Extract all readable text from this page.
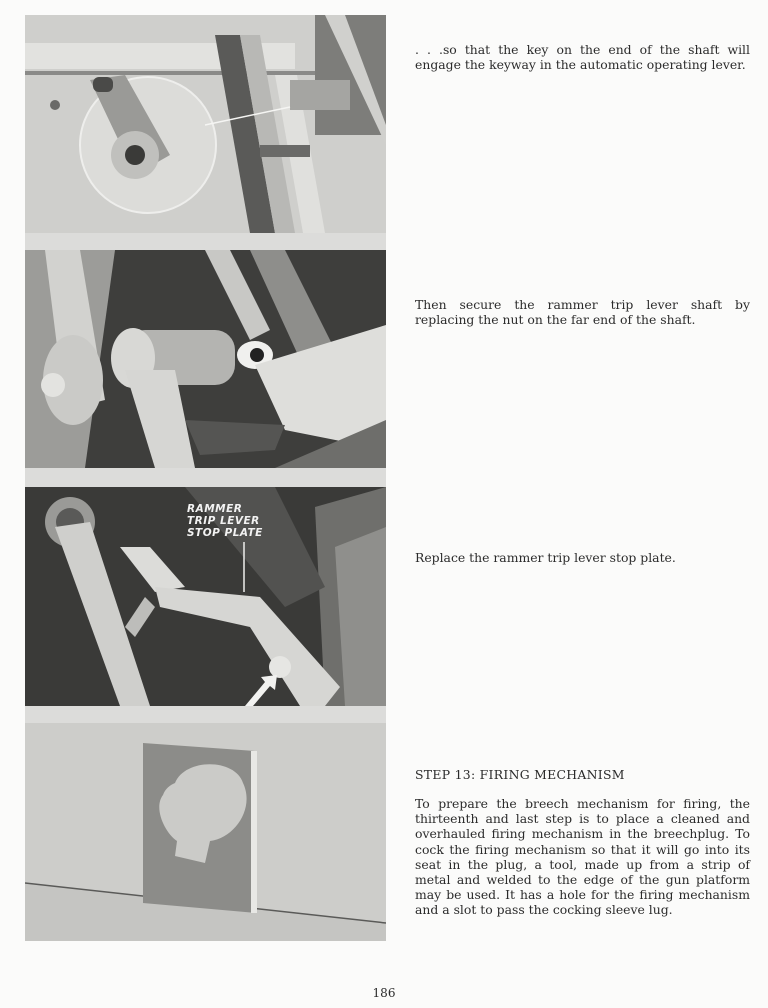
RAMMER
TRIP LEVER
STOP PLATE
. . .so that the key on the end of the shaft will engage the keyway in the automatic operating lever.
Then secure the rammer trip lever shaft by replacing the nut on the far end of the shaft.
Replace the rammer trip lever stop plate.
STEP 13: FIRING MECHANISM
To prepare the breech mechanism for firing, the thirteenth and last step is to place a cleaned and overhauled firing mechanism in the breechplug. To cock the firing mechanism so that it will go into its seat in the plug, a tool, made up from a strip of metal and welded to the edge of the gun platform may be used. It has a hole for the firing mechanism and a slot to pass the cocking sleeve lug.
186
